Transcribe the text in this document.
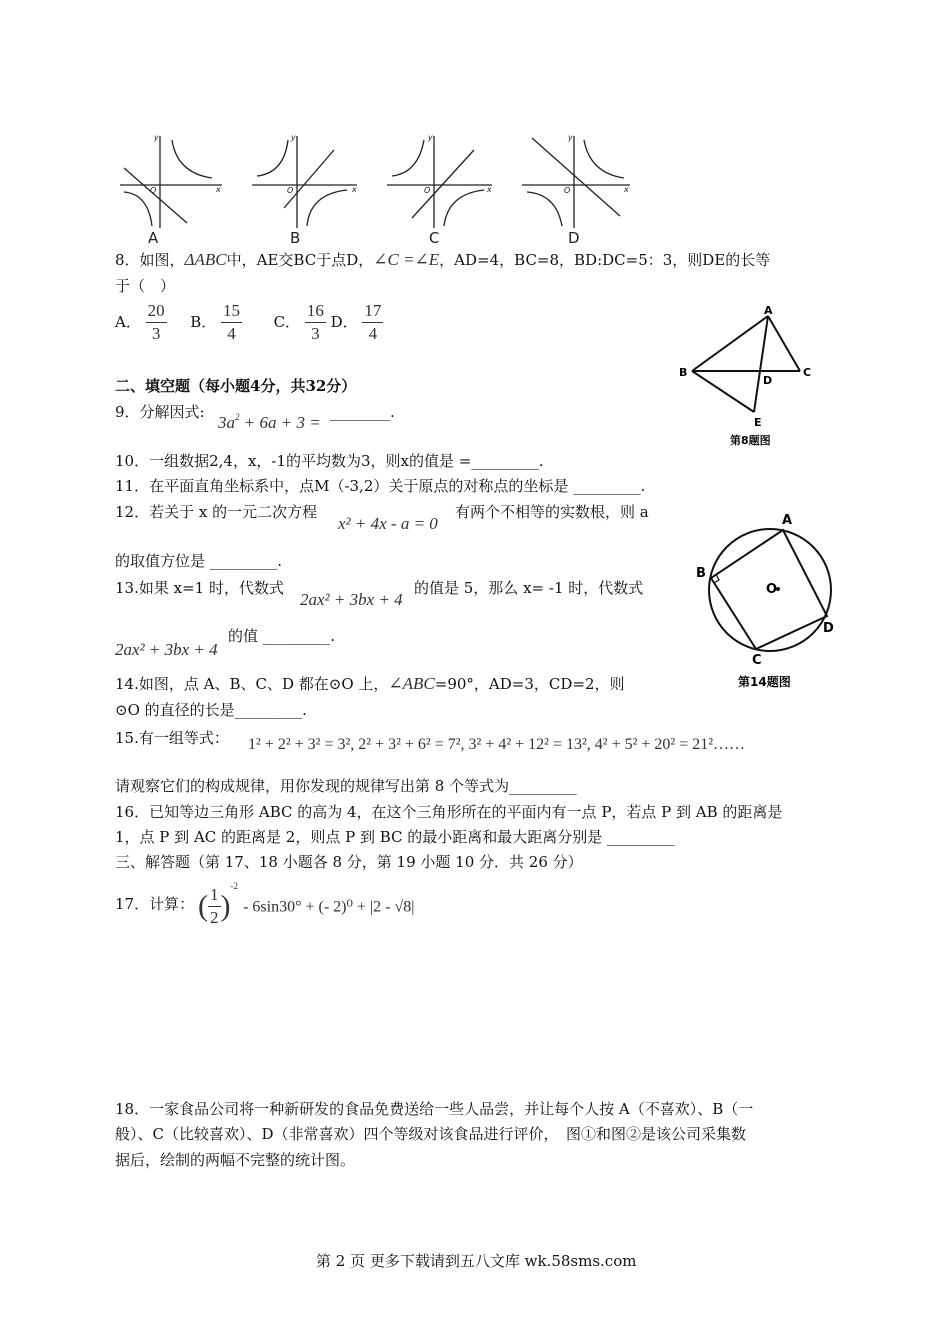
y
x
O
y
x
O
y
x
O
y
x
O
A	B	C	D
8．如图，ΔABC中，AE交BC于点D，∠C =∠E，AD=4，BC=8，BD:DC=5：3，则DE的长等
于（　）
A． $\frac{20}{3}$ B． $\frac{15}{4}$ C． $\frac{16}{3}$ D． $\frac{17}{4}$	A
B	C
D
E
第8题图
二、填空题（每小题4分，共32分）
9．分解因式:
$3a^2 + 6a + 3$ =
________.
10．一组数据2,4，x，-1的平均数为3，则x的值是 =_________.
11．在平面直角坐标系中，点M（-3,2）关于原点的对称点的坐标是 _________.
12．若关于 x 的一元二次方程
x² + 4x - a = 0
有两个不相等的实数根，则 a
的取值方位是 _________.
13.如果 x=1 时，代数式
2ax² + 3bx + 4
的值是 5，那么 x= -1 时，代数式
2ax² + 3bx + 4
的值 _________.
14.如图，点 A、B、C、D 都在⊙O 上，∠ABC=90°，AD=3，CD=2，则
⊙O 的直径的长是_________.
A
B
C
D
O
第14题图
15.有一组等式： 1² + 2² + 3² = 3², 2² + 3² + 6² = 7², 3² + 4² + 12² = 13², 4² + 5² + 20² = 21²……
请观察它们的构成规律，用你发现的规律写出第 8 个等式为_________
16．已知等边三角形 ABC 的高为 4，在这个三角形所在的平面内有一点 P，若点 P 到 AB 的距离是
1，点 P 到 AC 的距离是 2，则点 P 到 BC 的最小距离和最大距离分别是 _________
三、解答题（第 17、18 小题各 8 分，第 19 小题 10 分．共 26 分）
17．计算： ( $\frac{1}{2} )^{-2} - 6\sin 30^\circ$ + (- 2)⁰ + |2 - √8|
18．一家食品公司将一种新研发的食品免费送给一些人品尝，并让每个人按 A（不喜欢）、B（一
般）、C（比较喜欢）、D（非常喜欢）四个等级对该食品进行评价，　图①和图②是该公司采集数
据后，绘制的两幅不完整的统计图。
第 2 页 更多下载请到五八文库 wk.58sms.com
